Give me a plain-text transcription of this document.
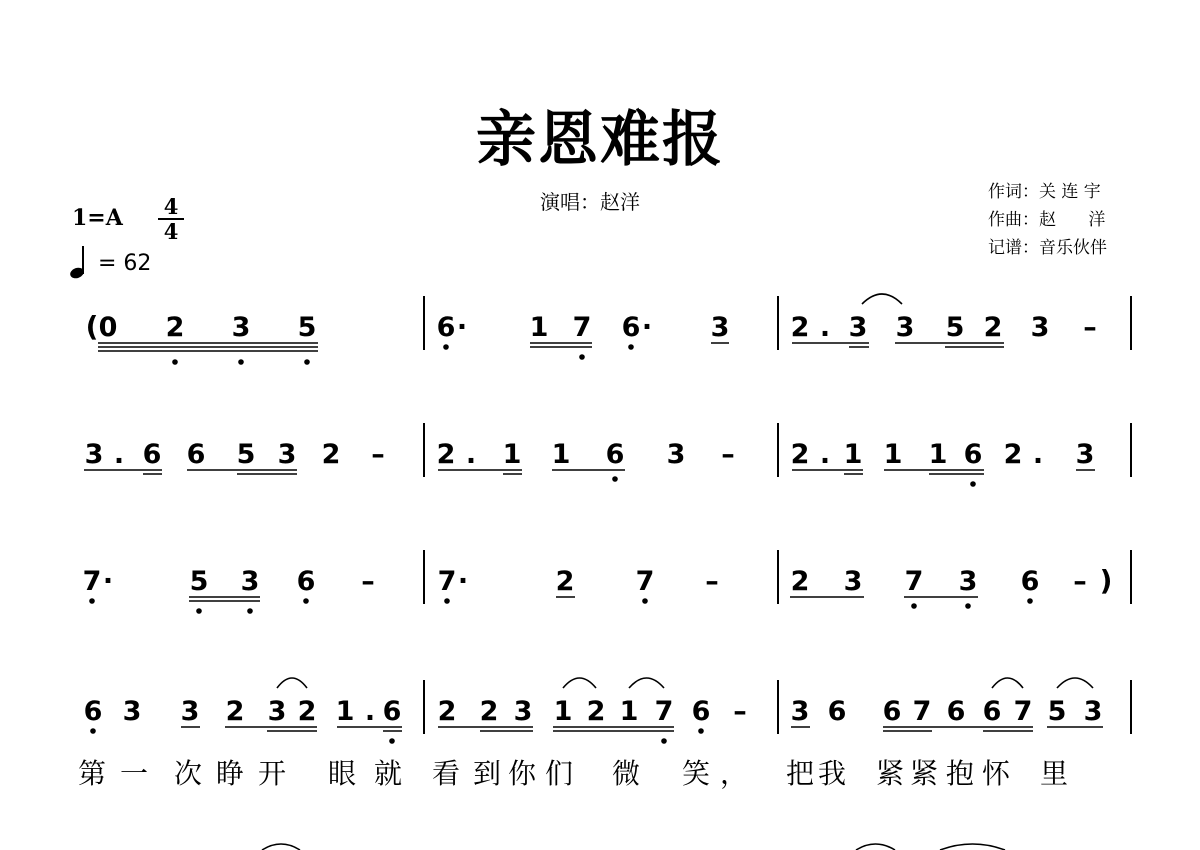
亲恩难报
演唱：赵洋	作词：关 连 宇
作曲：赵      洋
记谱：音乐伙伴
1=A 4
4
= 62
( 0 2 3 5	6 · 1 7 6 · 3 2 . 3 3 5 2 3 –
3 . 6 6 5 3 2 – 2 . 1 1 6 3 – 2 . 1 1 1 6 2 . 3
7 ·	5 3 6 – 7 ·	2 7 –	2 3 7 3 6 – )
6 3 3 2 3 2 1 . 6 2 2 3 1 2 1 7 6 – 3 6 6 7 6 6 7 5 3
第 一 次 睁 开 眼 就 看 到 你 们 微 笑 ， 把 我 紧 紧 抱 怀 里
